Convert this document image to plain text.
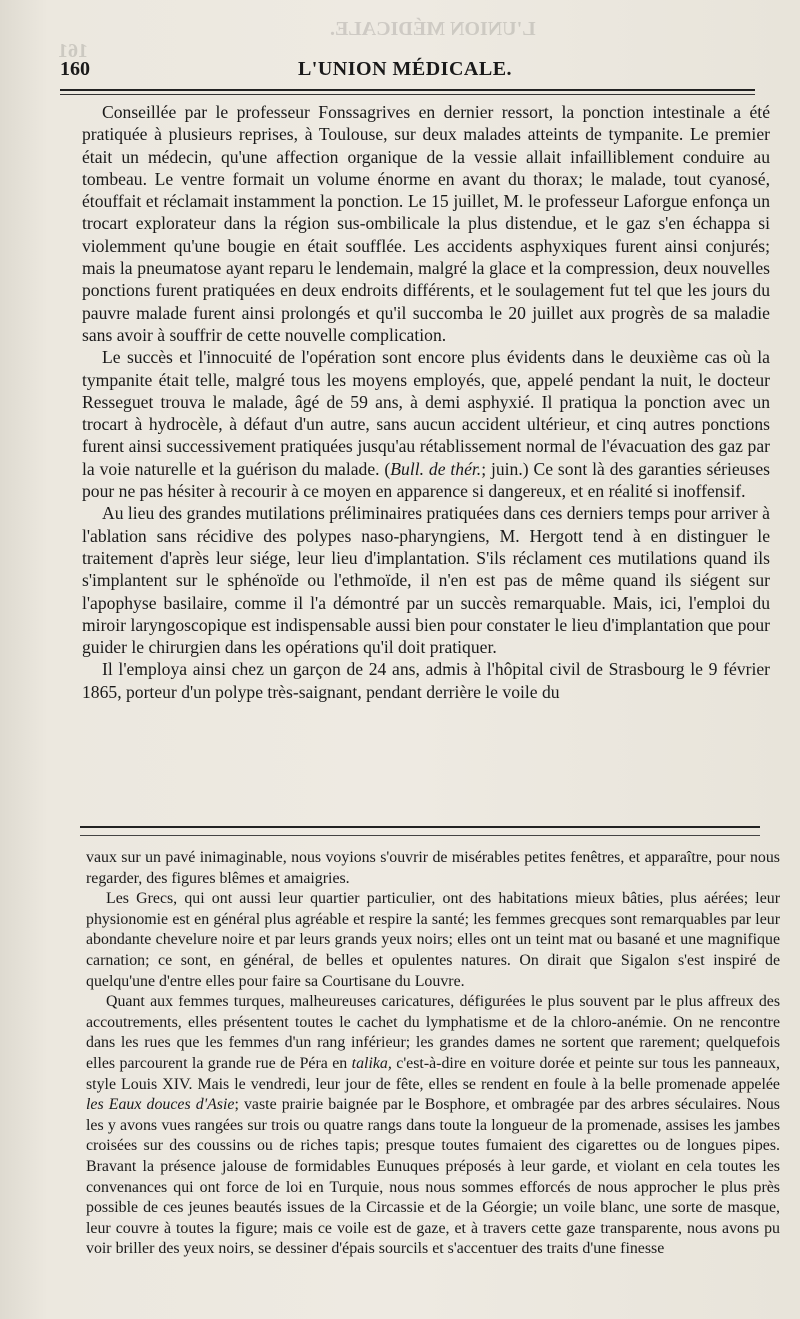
L'UNION MÉDICALE.
161
160	L'UNION MÉDICALE.

Conseillée par le professeur Fonssagrives en dernier ressort, la ponction intestinale a été pratiquée à plusieurs reprises, à Toulouse, sur deux malades atteints de tympanite. Le premier était un médecin, qu'une affection organique de la vessie allait infailliblement conduire au tombeau. Le ventre formait un volume énorme en avant du thorax; le malade, tout cyanosé, étouffait et réclamait instamment la ponction. Le 15 juillet, M. le professeur Laforgue enfonça un trocart explorateur dans la région sus-ombilicale la plus distendue, et le gaz s'en échappa si violemment qu'une bougie en était soufflée. Les accidents asphyxiques furent ainsi conjurés; mais la pneumatose ayant reparu le lendemain, malgré la glace et la compression, deux nouvelles ponctions furent pratiquées en deux endroits différents, et le soulagement fut tel que les jours du pauvre malade furent ainsi prolongés et qu'il succomba le 20 juillet aux progrès de sa maladie sans avoir à souffrir de cette nouvelle complication.

Le succès et l'innocuité de l'opération sont encore plus évidents dans le deuxième cas où la tympanite était telle, malgré tous les moyens employés, que, appelé pendant la nuit, le docteur Resseguet trouva le malade, âgé de 59 ans, à demi asphyxié. Il pratiqua la ponction avec un trocart à hydrocèle, à défaut d'un autre, sans aucun accident ultérieur, et cinq autres ponctions furent ainsi successivement pratiquées jusqu'au rétablissement normal de l'évacuation des gaz par la voie naturelle et la guérison du malade. (Bull. de thér.; juin.) Ce sont là des garanties sérieuses pour ne pas hésiter à recourir à ce moyen en apparence si dangereux, et en réalité si inoffensif.

Au lieu des grandes mutilations préliminaires pratiquées dans ces derniers temps pour arriver à l'ablation sans récidive des polypes naso-pharyngiens, M. Hergott tend à en distinguer le traitement d'après leur siége, leur lieu d'implantation. S'ils réclament ces mutilations quand ils s'implantent sur le sphénoïde ou l'ethmoïde, il n'en est pas de même quand ils siégent sur l'apophyse basilaire, comme il l'a démontré par un succès remarquable. Mais, ici, l'emploi du miroir laryngoscopique est indispensable aussi bien pour constater le lieu d'implantation que pour guider le chirurgien dans les opérations qu'il doit pratiquer.

Il l'employa ainsi chez un garçon de 24 ans, admis à l'hôpital civil de Strasbourg le 9 février 1865, porteur d'un polype très-saignant, pendant derrière le voile du

vaux sur un pavé inimaginable, nous voyions s'ouvrir de misérables petites fenêtres, et apparaître, pour nous regarder, des figures blêmes et amaigries.

Les Grecs, qui ont aussi leur quartier particulier, ont des habitations mieux bâties, plus aérées; leur physionomie est en général plus agréable et respire la santé; les femmes grecques sont remarquables par leur abondante chevelure noire et par leurs grands yeux noirs; elles ont un teint mat ou basané et une magnifique carnation; ce sont, en général, de belles et opulentes natures. On dirait que Sigalon s'est inspiré de quelqu'une d'entre elles pour faire sa Courtisane du Louvre.

Quant aux femmes turques, malheureuses caricatures, défigurées le plus souvent par le plus affreux des accoutrements, elles présentent toutes le cachet du lymphatisme et de la chloro-anémie. On ne rencontre dans les rues que les femmes d'un rang inférieur; les grandes dames ne sortent que rarement; quelquefois elles parcourent la grande rue de Péra en talika, c'est-à-dire en voiture dorée et peinte sur tous les panneaux, style Louis XIV. Mais le vendredi, leur jour de fête, elles se rendent en foule à la belle promenade appelée les Eaux douces d'Asie; vaste prairie baignée par le Bosphore, et ombragée par des arbres séculaires. Nous les y avons vues rangées sur trois ou quatre rangs dans toute la longueur de la promenade, assises les jambes croisées sur des coussins ou de riches tapis; presque toutes fumaient des cigarettes ou de longues pipes. Bravant la présence jalouse de formidables Eunuques préposés à leur garde, et violant en cela toutes les convenances qui ont force de loi en Turquie, nous nous sommes efforcés de nous approcher le plus près possible de ces jeunes beautés issues de la Circassie et de la Géorgie; un voile blanc, une sorte de masque, leur couvre à toutes la figure; mais ce voile est de gaze, et à travers cette gaze transparente, nous avons pu voir briller des yeux noirs, se dessiner d'épais sourcils et s'accentuer des traits d'une finesse
